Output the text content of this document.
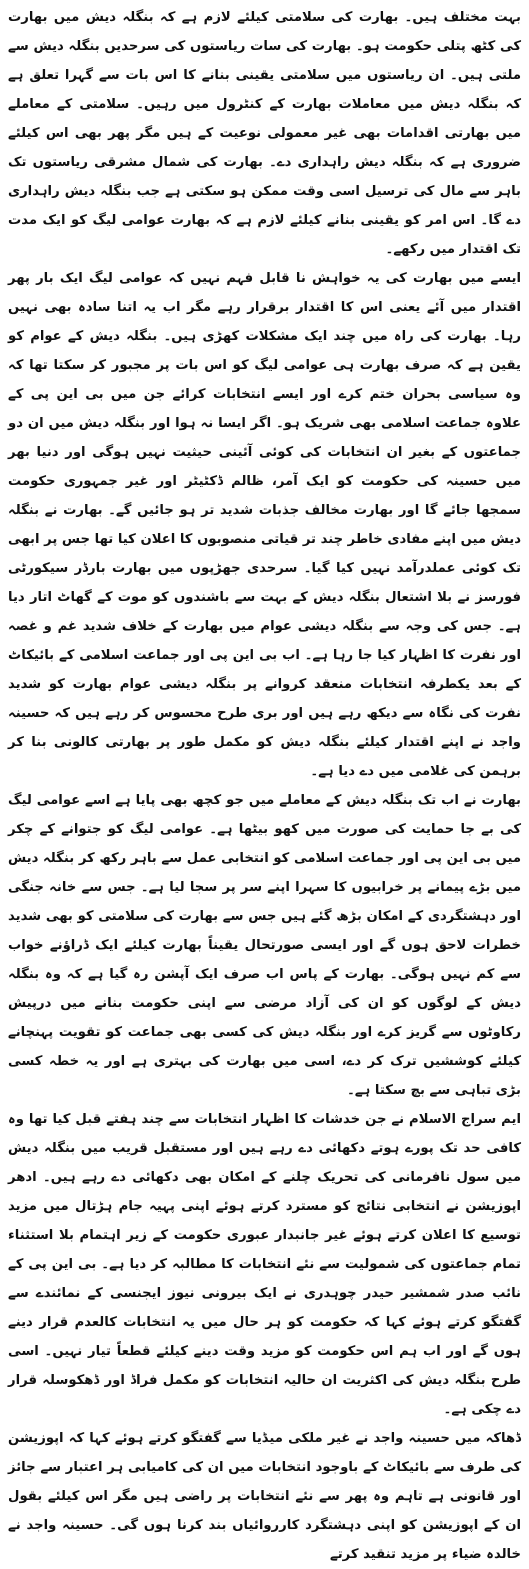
بہت مختلف ہیں۔ بھارت کی سلامتی کیلئے لازم ہے کہ بنگلہ دیش میں بھارت کی کٹھ پتلی حکومت ہو۔ بھارت کی سات ریاستوں کی سرحدیں بنگلہ دیش سے ملتی ہیں۔ ان ریاستوں میں سلامتی یقینی بنانے کا اس بات سے گہرا تعلق ہے کہ بنگلہ دیش میں معاملات بھارت کے کنٹرول میں رہیں۔ سلامتی کے معاملے میں بھارتی اقدامات بھی غیر معمولی نوعیت کے ہیں مگر پھر بھی اس کیلئے ضروری ہے کہ بنگلہ دیش راہداری دے۔ بھارت کی شمال مشرقی ریاستوں تک باہر سے مال کی ترسیل اسی وقت ممکن ہو سکتی ہے جب بنگلہ دیش راہداری دے گا۔ اس امر کو یقینی بنانے کیلئے لازم ہے کہ بھارت عوامی لیگ کو ایک مدت تک اقتدار میں رکھے۔

ایسے میں بھارت کی یہ خواہش نا قابل فہم نہیں کہ عوامی لیگ ایک بار پھر اقتدار میں آئے یعنی اس کا اقتدار برقرار رہے مگر اب یہ اتنا سادہ بھی نہیں رہا۔ بھارت کی راہ میں چند ایک مشکلات کھڑی ہیں۔ بنگلہ دیش کے عوام کو یقین ہے کہ صرف بھارت ہی عوامی لیگ کو اس بات پر مجبور کر سکتا تھا کہ وہ سیاسی بحران ختم کرے اور ایسے انتخابات کرائے جن میں بی این پی کے علاوہ جماعت اسلامی بھی شریک ہو۔ اگر ایسا نہ ہوا اور بنگلہ دیش میں ان دو جماعتوں کے بغیر ان انتخابات کی کوئی آئینی حیثیت نہیں ہوگی اور دنیا بھر میں حسینہ کی حکومت کو ایک آمر، ظالم ڈکٹیٹر اور غیر جمہوری حکومت سمجھا جائے گا اور بھارت مخالف جذبات شدید تر ہو جائیں گے۔ بھارت نے بنگلہ دیش میں اپنے مفادی خاطر چند تر قیاتی منصوبوں کا اعلان کیا تھا جس پر ابھی تک کوئی عملدرآمد نہیں کیا گیا۔ سرحدی جھڑپوں میں بھارت بارڈر سیکورٹی فورسز نے بلا اشتعال بنگلہ دیش کے بہت سے باشندوں کو موت کے گھاٹ اتار دیا ہے۔ جس کی وجہ سے بنگلہ دیشی عوام میں بھارت کے خلاف شدید غم و غصہ اور نفرت کا اظہار کیا جا رہا ہے۔ اب بی این پی اور جماعت اسلامی کے بائیکاٹ کے بعد یکطرفہ انتخابات منعقد کروانے پر بنگلہ دیشی عوام بھارت کو شدید نفرت کی نگاہ سے دیکھ رہے ہیں اور بری طرح محسوس کر رہے ہیں کہ حسینہ واجد نے اپنے اقتدار کیلئے بنگلہ دیش کو مکمل طور پر بھارتی کالونی بنا کر برہمن کی غلامی میں دے دیا ہے۔

بھارت نے اب تک بنگلہ دیش کے معاملے میں جو کچھ بھی پایا ہے اسے عوامی لیگ کی بے جا حمایت کی صورت میں کھو بیٹھا ہے۔ عوامی لیگ کو جتوانے کے چکر میں بی این پی اور جماعت اسلامی کو انتخابی عمل سے باہر رکھ کر بنگلہ دیش میں بڑے پیمانے پر خرابیوں کا سہرا اپنے سر پر سجا لیا ہے۔ جس سے خانہ جنگی اور دہشتگردی کے امکان بڑھ گئے ہیں جس سے بھارت کی سلامتی کو بھی شدید خطرات لاحق ہوں گے اور ایسی صورتحال یقیناً بھارت کیلئے ایک ڈراؤنے خواب سے کم نہیں ہوگی۔ بھارت کے پاس اب صرف ایک آپشن رہ گیا ہے کہ وہ بنگلہ دیش کے لوگوں کو ان کی آزاد مرضی سے اپنی حکومت بنانے میں درپیش رکاوٹوں سے گریز کرے اور بنگلہ دیش کی کسی بھی جماعت کو تقویت پہنچانے کیلئے کوششیں ترک کر دے، اسی میں بھارت کی بہتری ہے اور یہ خطہ کسی بڑی تباہی سے بچ سکتا ہے۔

ایم سراج الاسلام نے جن خدشات کا اظہار انتخابات سے چند ہفتے قبل کیا تھا وہ کافی حد تک پورے ہوتے دکھائی دے رہے ہیں اور مستقبل قریب میں بنگلہ دیش میں سول نافرمانی کی تحریک چلنے کے امکان بھی دکھائی دے رہے ہیں۔ ادھر اپوزیشن نے انتخابی نتائج کو مسترد کرتے ہوئے اپنی پہیہ جام ہڑتال میں مزید توسیع کا اعلان کرتے ہوئے غیر جانبدار عبوری حکومت کے زیر اہتمام بلا استثناء تمام جماعتوں کی شمولیت سے نئے انتخابات کا مطالبہ کر دیا ہے۔ بی این پی کے نائب صدر شمشیر حیدر چوہدری نے ایک بیرونی نیوز ایجنسی کے نمائندے سے گفتگو کرتے ہوئے کہا کہ حکومت کو ہر حال میں یہ انتخابات کالعدم قرار دینے ہوں گے اور اب ہم اس حکومت کو مزید وقت دینے کیلئے قطعاً تیار نہیں۔ اسی طرح بنگلہ دیش کی اکثریت ان حالیہ انتخابات کو مکمل فراڈ اور ڈھکوسلہ قرار دے چکی ہے۔

ڈھاکہ میں حسینہ واجد نے غیر ملکی میڈیا سے گفتگو کرتے ہوئے کہا کہ اپوزیشن کی طرف سے بائیکاٹ کے باوجود انتخابات میں ان کی کامیابی ہر اعتبار سے جائز اور قانونی ہے تاہم وہ پھر سے نئے انتخابات پر راضی ہیں مگر اس کیلئے بقول ان کے اپوزیشن کو اپنی دہشتگرد کارروائیاں بند کرنا ہوں گی۔ حسینہ واجد نے خالدہ ضیاء پر مزید تنقید کرتے
